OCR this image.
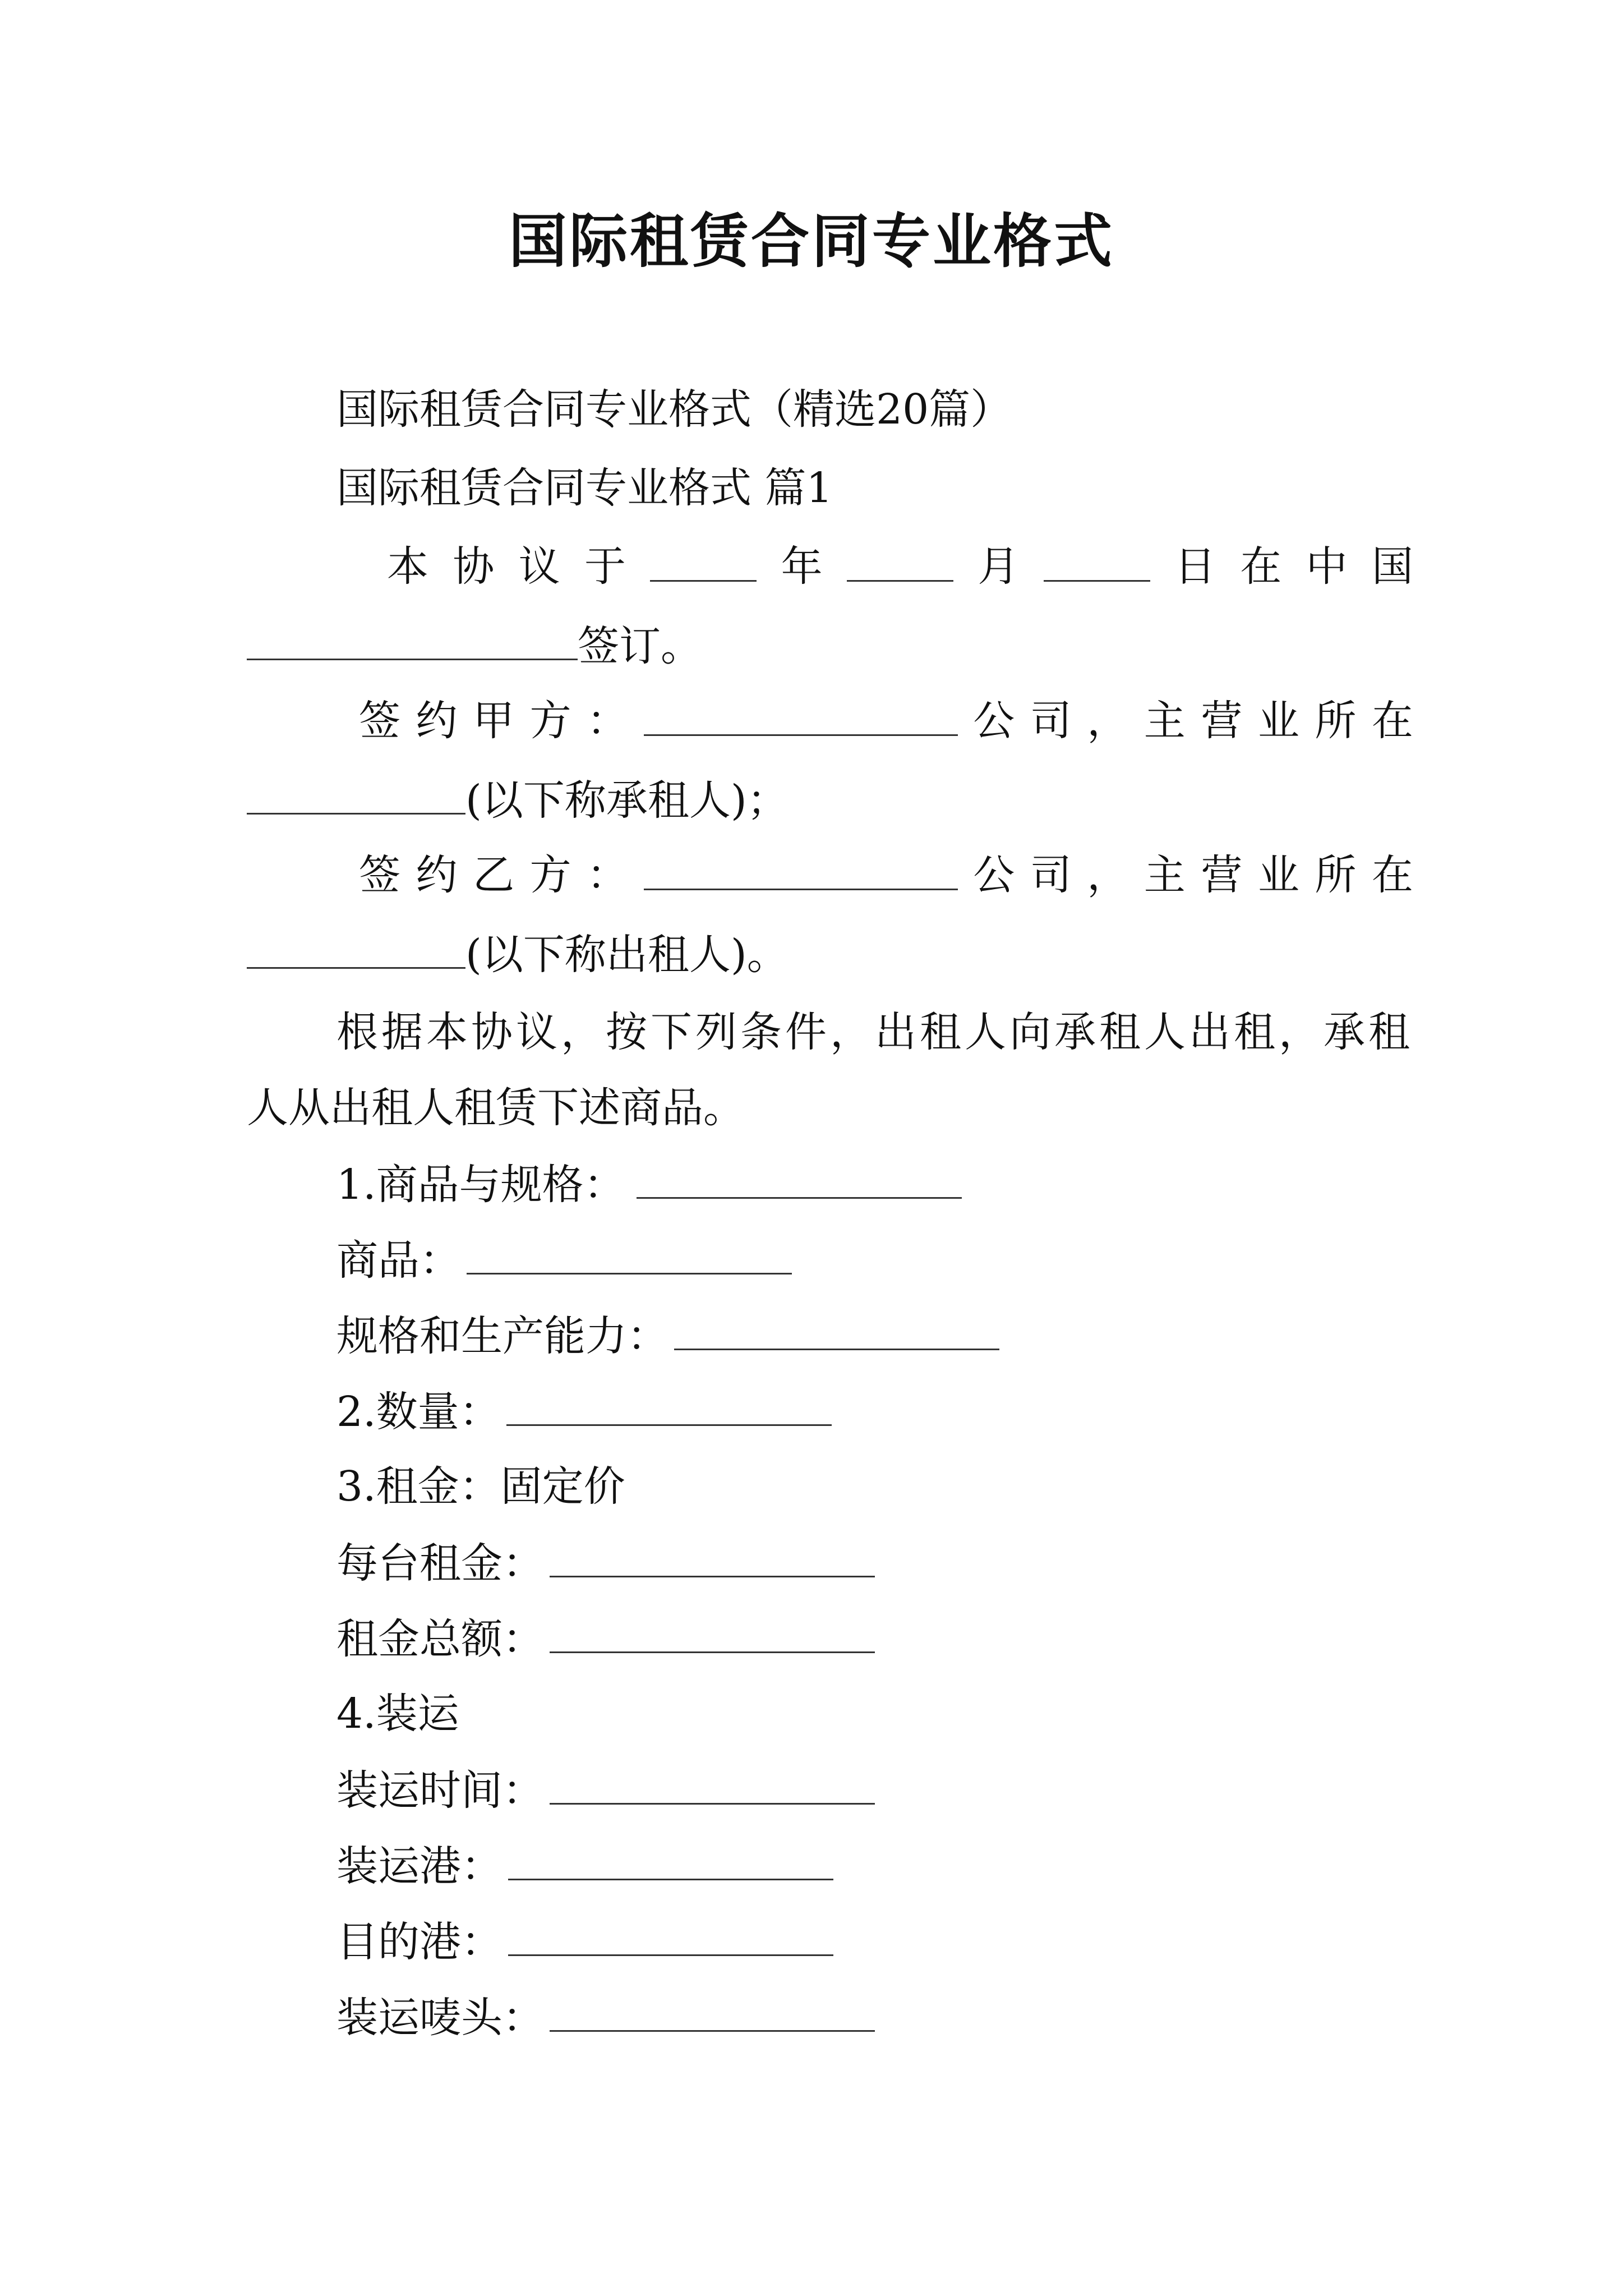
国际租赁合同专业格式
国际租赁合同专业格式（精选20篇）
国际租赁合同专业格式 篇1
本 协 议 于	年	月	日 在 中 国
签订。
签 约 甲 方 ：	公 司 ， 主 营 业 所 在
(以下称承租人)；
签 约 乙 方 ：	公 司 ， 主 营 业 所 在
(以下称出租人)。
根据本协议，按下列条件，出租人向承租人出租，承租
人从出租人租赁下述商品。
1.商品与规格：
商品：
规格和生产能力：
2.数量：
3.租金：固定价
每台租金：
租金总额：
4.装运
装运时间：
装运港：
目的港：
装运唛头：
